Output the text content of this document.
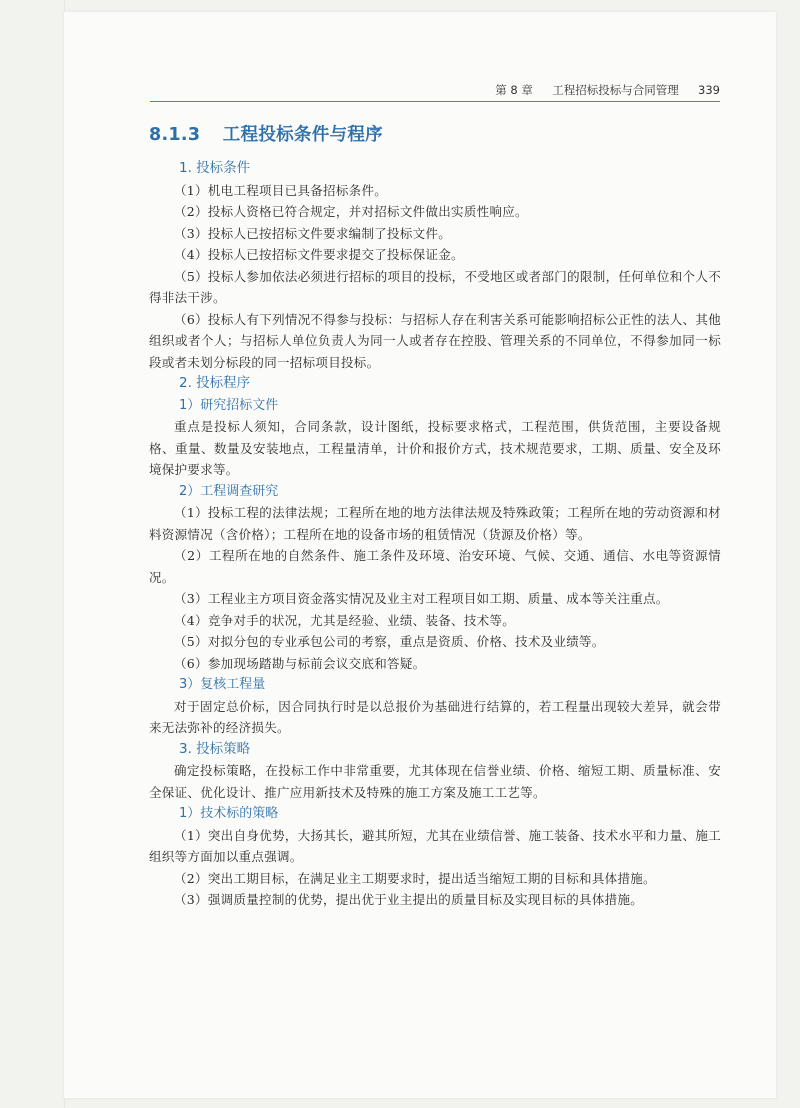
第 8 章 工程招标投标与合同管理 339
8.1.3 工程投标条件与程序
1. 投标条件
（1）机电工程项目已具备招标条件。
（2）投标人资格已符合规定，并对招标文件做出实质性响应。
（3）投标人已按招标文件要求编制了投标文件。
（4）投标人已按招标文件要求提交了投标保证金。
（5）投标人参加依法必须进行招标的项目的投标，不受地区或者部门的限制，任何单位和个人不得非法干涉。
（6）投标人有下列情况不得参与投标：与招标人存在利害关系可能影响招标公正性的法人、其他组织或者个人；与招标人单位负责人为同一人或者存在控股、管理关系的不同单位，不得参加同一标段或者未划分标段的同一招标项目投标。
2. 投标程序
1）研究招标文件
重点是投标人须知，合同条款，设计图纸，投标要求格式，工程范围，供货范围，主要设备规格、重量、数量及安装地点，工程量清单，计价和报价方式，技术规范要求，工期、质量、安全及环境保护要求等。
2）工程调查研究
（1）投标工程的法律法规；工程所在地的地方法律法规及特殊政策；工程所在地的劳动资源和材料资源情况（含价格）；工程所在地的设备市场的租赁情况（货源及价格）等。
（2）工程所在地的自然条件、施工条件及环境、治安环境、气候、交通、通信、水电等资源情况。
（3）工程业主方项目资金落实情况及业主对工程项目如工期、质量、成本等关注重点。
（4）竞争对手的状况，尤其是经验、业绩、装备、技术等。
（5）对拟分包的专业承包公司的考察，重点是资质、价格、技术及业绩等。
（6）参加现场踏勘与标前会议交底和答疑。
3）复核工程量
对于固定总价标，因合同执行时是以总报价为基础进行结算的，若工程量出现较大差异，就会带来无法弥补的经济损失。
3. 投标策略
确定投标策略，在投标工作中非常重要，尤其体现在信誉业绩、价格、缩短工期、质量标准、安全保证、优化设计、推广应用新技术及特殊的施工方案及施工工艺等。
1）技术标的策略
（1）突出自身优势，大扬其长，避其所短，尤其在业绩信誉、施工装备、技术水平和力量、施工组织等方面加以重点强调。
（2）突出工期目标，在满足业主工期要求时，提出适当缩短工期的目标和具体措施。
（3）强调质量控制的优势，提出优于业主提出的质量目标及实现目标的具体措施。
